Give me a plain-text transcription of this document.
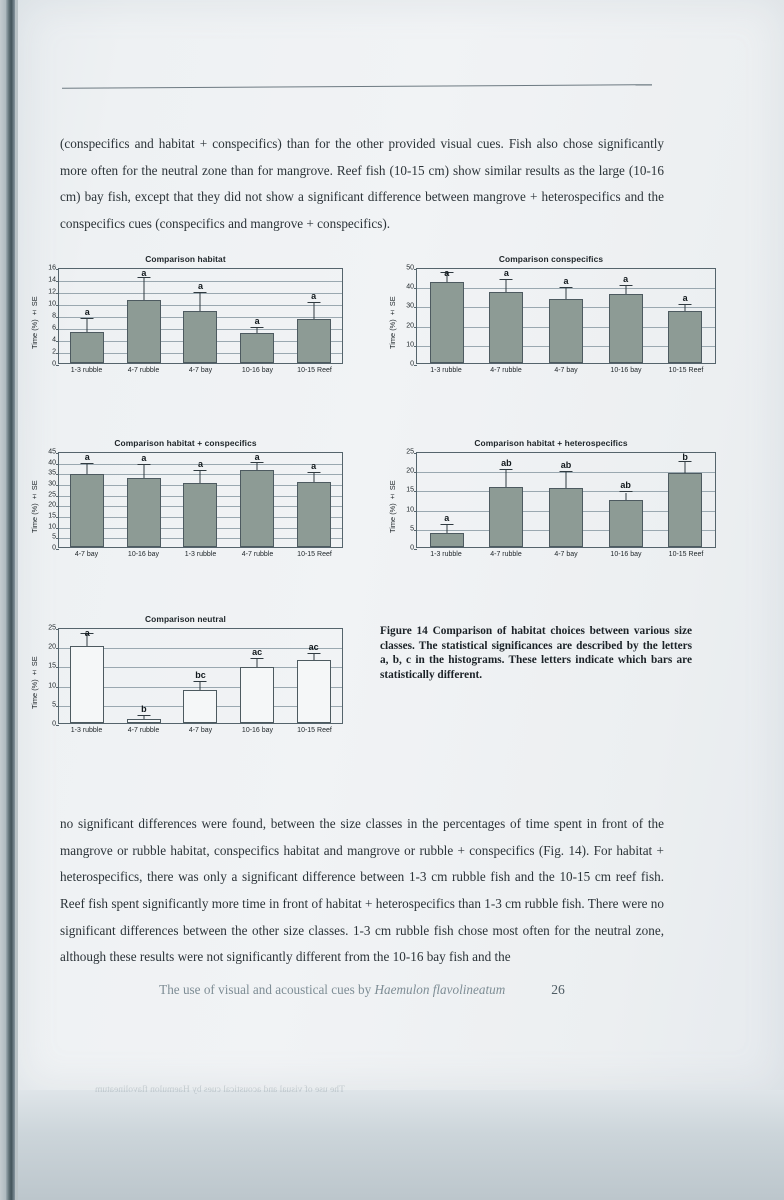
(conspecifics and habitat + conspecifics) than for the other provided visual cues. Fish also chose significantly more often for the neutral zone than for mangrove. Reef fish (10-15 cm) show similar results as the large (10-16 cm) bay fish, except that they did not show a significant difference between mangrove + heterospecifics and the conspecifics cues (conspecifics and mangrove + conspecifics).

Comparison habitat
Time (%) ± SE
0
2
4
6
8
10
12
14
16
a
a
a
a
a
1-3 rubble	4-7 rubble	4-7 bay	10-16 bay	10-15 Reef
Comparison conspecifics
Time (%) ± SE
0
10
20
30
40
50	a	a
a	a
a
1-3 rubble	4-7 rubble	4-7 bay	10-16 bay	10-15 Reef
Comparison habitat + conspecifics
Time (%) ± SE
0
5
10
15
20
25
30
35
40
45
a	a
a
a
a
4-7 bay	10-16 bay	1-3 rubble	4-7 rubble	10-15 Reef
Comparison habitat + heterospecifics
Time (%) ± SE
0
5
10
15
20
25
a
ab	ab
ab
b
1-3 rubble	4-7 rubble	4-7 bay	10-16 bay	10-15 Reef
Comparison neutral
Time (%) ± SE
0
5
10
15
20
25	a
b
bc
ac
ac
1-3 rubble	4-7 rubble	4-7 bay	10-16 bay	10-15 Reef
Figure 14 Comparison of habitat choices between various size classes. The statistical significances are described by the letters a, b, c in the histograms. These letters indicate which bars are statistically different.

no significant differences were found, between the size classes in the percentages of time spent in front of the mangrove or rubble habitat, conspecifics habitat and mangrove or rubble + conspecifics (Fig. 14). For habitat + heterospecifics, there was only a significant difference between 1-3 cm rubble fish and the 10-15 cm reef fish. Reef fish spent significantly more time in front of habitat + heterospecifics than 1-3 cm rubble fish. There were no significant differences between the other size classes. 1-3 cm rubble fish chose most often for the neutral zone, although these results were not significantly different from the 10-16 bay fish and the

The use of visual and acoustical cues by Haemulon flavolineatum	26
The use of visual and acoustical cues by Haemulon flavolineatum
